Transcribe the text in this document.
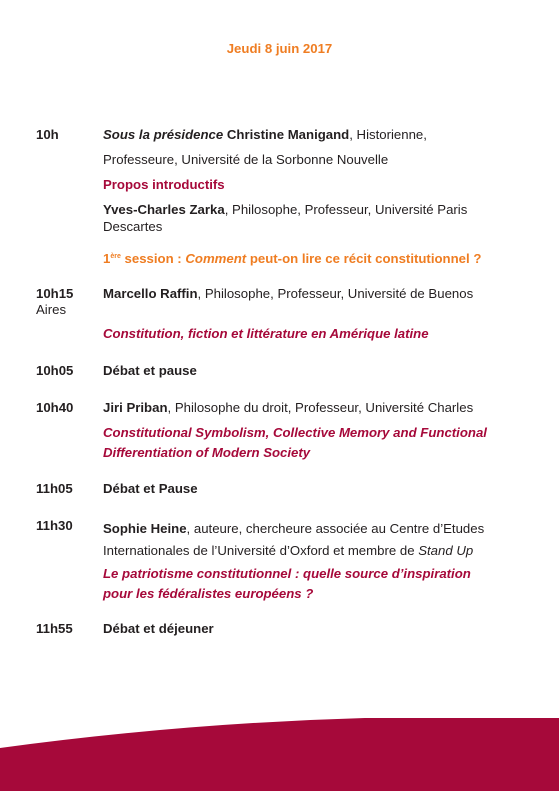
Jeudi 8 juin 2017
10h	Sous la présidence Christine Manigand, Historienne,
Professeure, Université de la Sorbonne Nouvelle
Propos introductifs
Yves-Charles Zarka, Philosophe, Professeur, Université Paris
Descartes
1ère session : Comment peut-on lire ce récit constitutionnel ?
10h15
Aires
Marcello Raffin, Philosophe, Professeur, Université de Buenos
Constitution, fiction et littérature en Amérique latine
10h05 Débat et pause
10h40 Jiri Priban, Philosophe du droit, Professeur, Université Charles
Constitutional Symbolism, Collective Memory and Functional
Differentiation of Modern Society
11h05 Débat et Pause
11h30 Sophie Heine, auteure, chercheure associée au Centre d’Etudes
Internationales de l’Université d’Oxford et membre de Stand Up
Le patriotisme constitutionnel : quelle source d’inspiration
pour les fédéralistes européens ?
11h55 Débat et déjeuner
